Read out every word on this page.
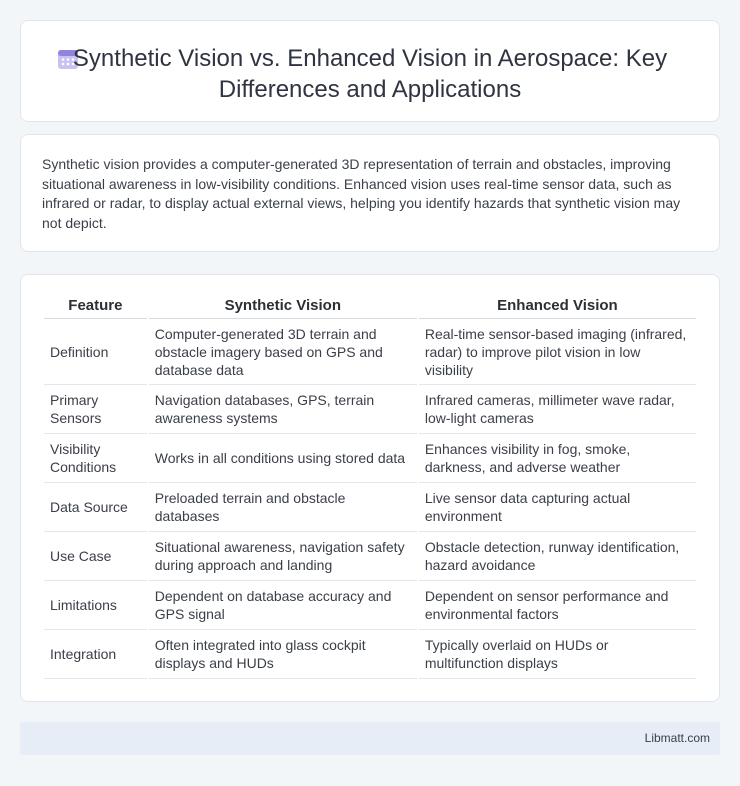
Synthetic Vision vs. Enhanced Vision in Aerospace: Key Differences and Applications

Synthetic vision provides a computer-generated 3D representation of terrain and obstacles, improving situational awareness in low-visibility conditions. Enhanced vision uses real-time sensor data, such as infrared or radar, to display actual external views, helping you identify hazards that synthetic vision may not depict.

Feature	Synthetic Vision	Enhanced Vision
Definition	Computer-generated 3D terrain and obstacle imagery based on GPS and database data	Real-time sensor-based imaging (infrared, radar) to improve pilot vision in low visibility
Primary Sensors	Navigation databases, GPS, terrain awareness systems	Infrared cameras, millimeter wave radar, low-light cameras
Visibility Conditions	Works in all conditions using stored data	Enhances visibility in fog, smoke, darkness, and adverse weather
Data Source	Preloaded terrain and obstacle databases	Live sensor data capturing actual environment
Use Case	Situational awareness, navigation safety during approach and landing	Obstacle detection, runway identification, hazard avoidance
Limitations	Dependent on database accuracy and GPS signal	Dependent on sensor performance and environmental factors
Integration	Often integrated into glass cockpit displays and HUDs	Typically overlaid on HUDs or multifunction displays
Libmatt.com
